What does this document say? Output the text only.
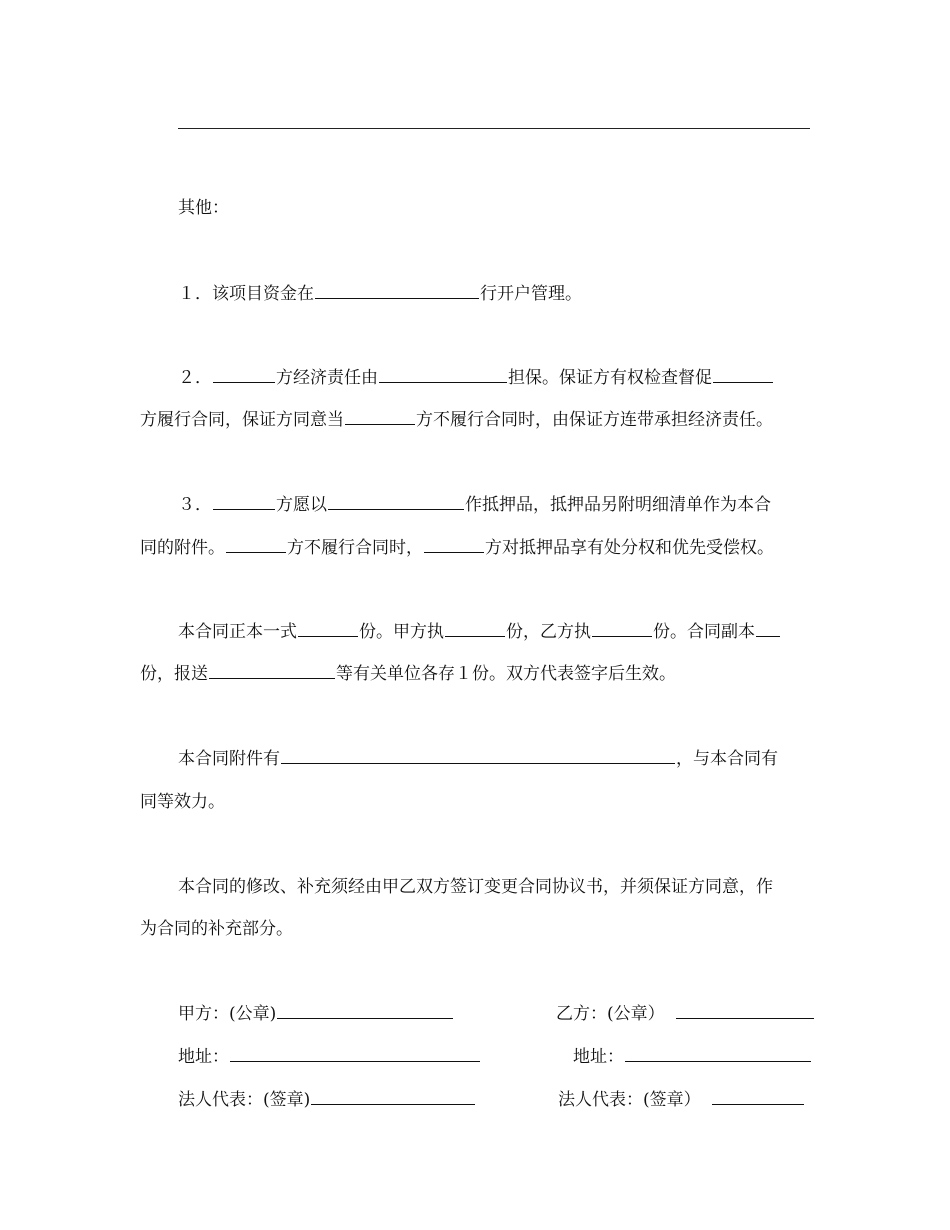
其他：
１．该项目资金在	行开户管理。
２．	方经济责任由	担保。保证方有权检查督促
方履行合同，保证方同意当	方不履行合同时，由保证方连带承担经济责任。
３．	方愿以	作抵押品，抵押品另附明细清单作为本合
同的附件。	方不履行合同时，	方对抵押品享有处分权和优先受偿权。
本合同正本一式	份。甲方执	份，乙方执	份。合同副本
份，报送	等有关单位各存１份。双方代表签字后生效。
本合同附件有	，与本合同有
同等效力。
本合同的修改、补充须经由甲乙双方签订变更合同协议书，并须保证方同意，作
为合同的补充部分。
甲方：(公章)
地址：
法人代表：(签章)
乙方：(公章）
地址：
法人代表：(签章）
